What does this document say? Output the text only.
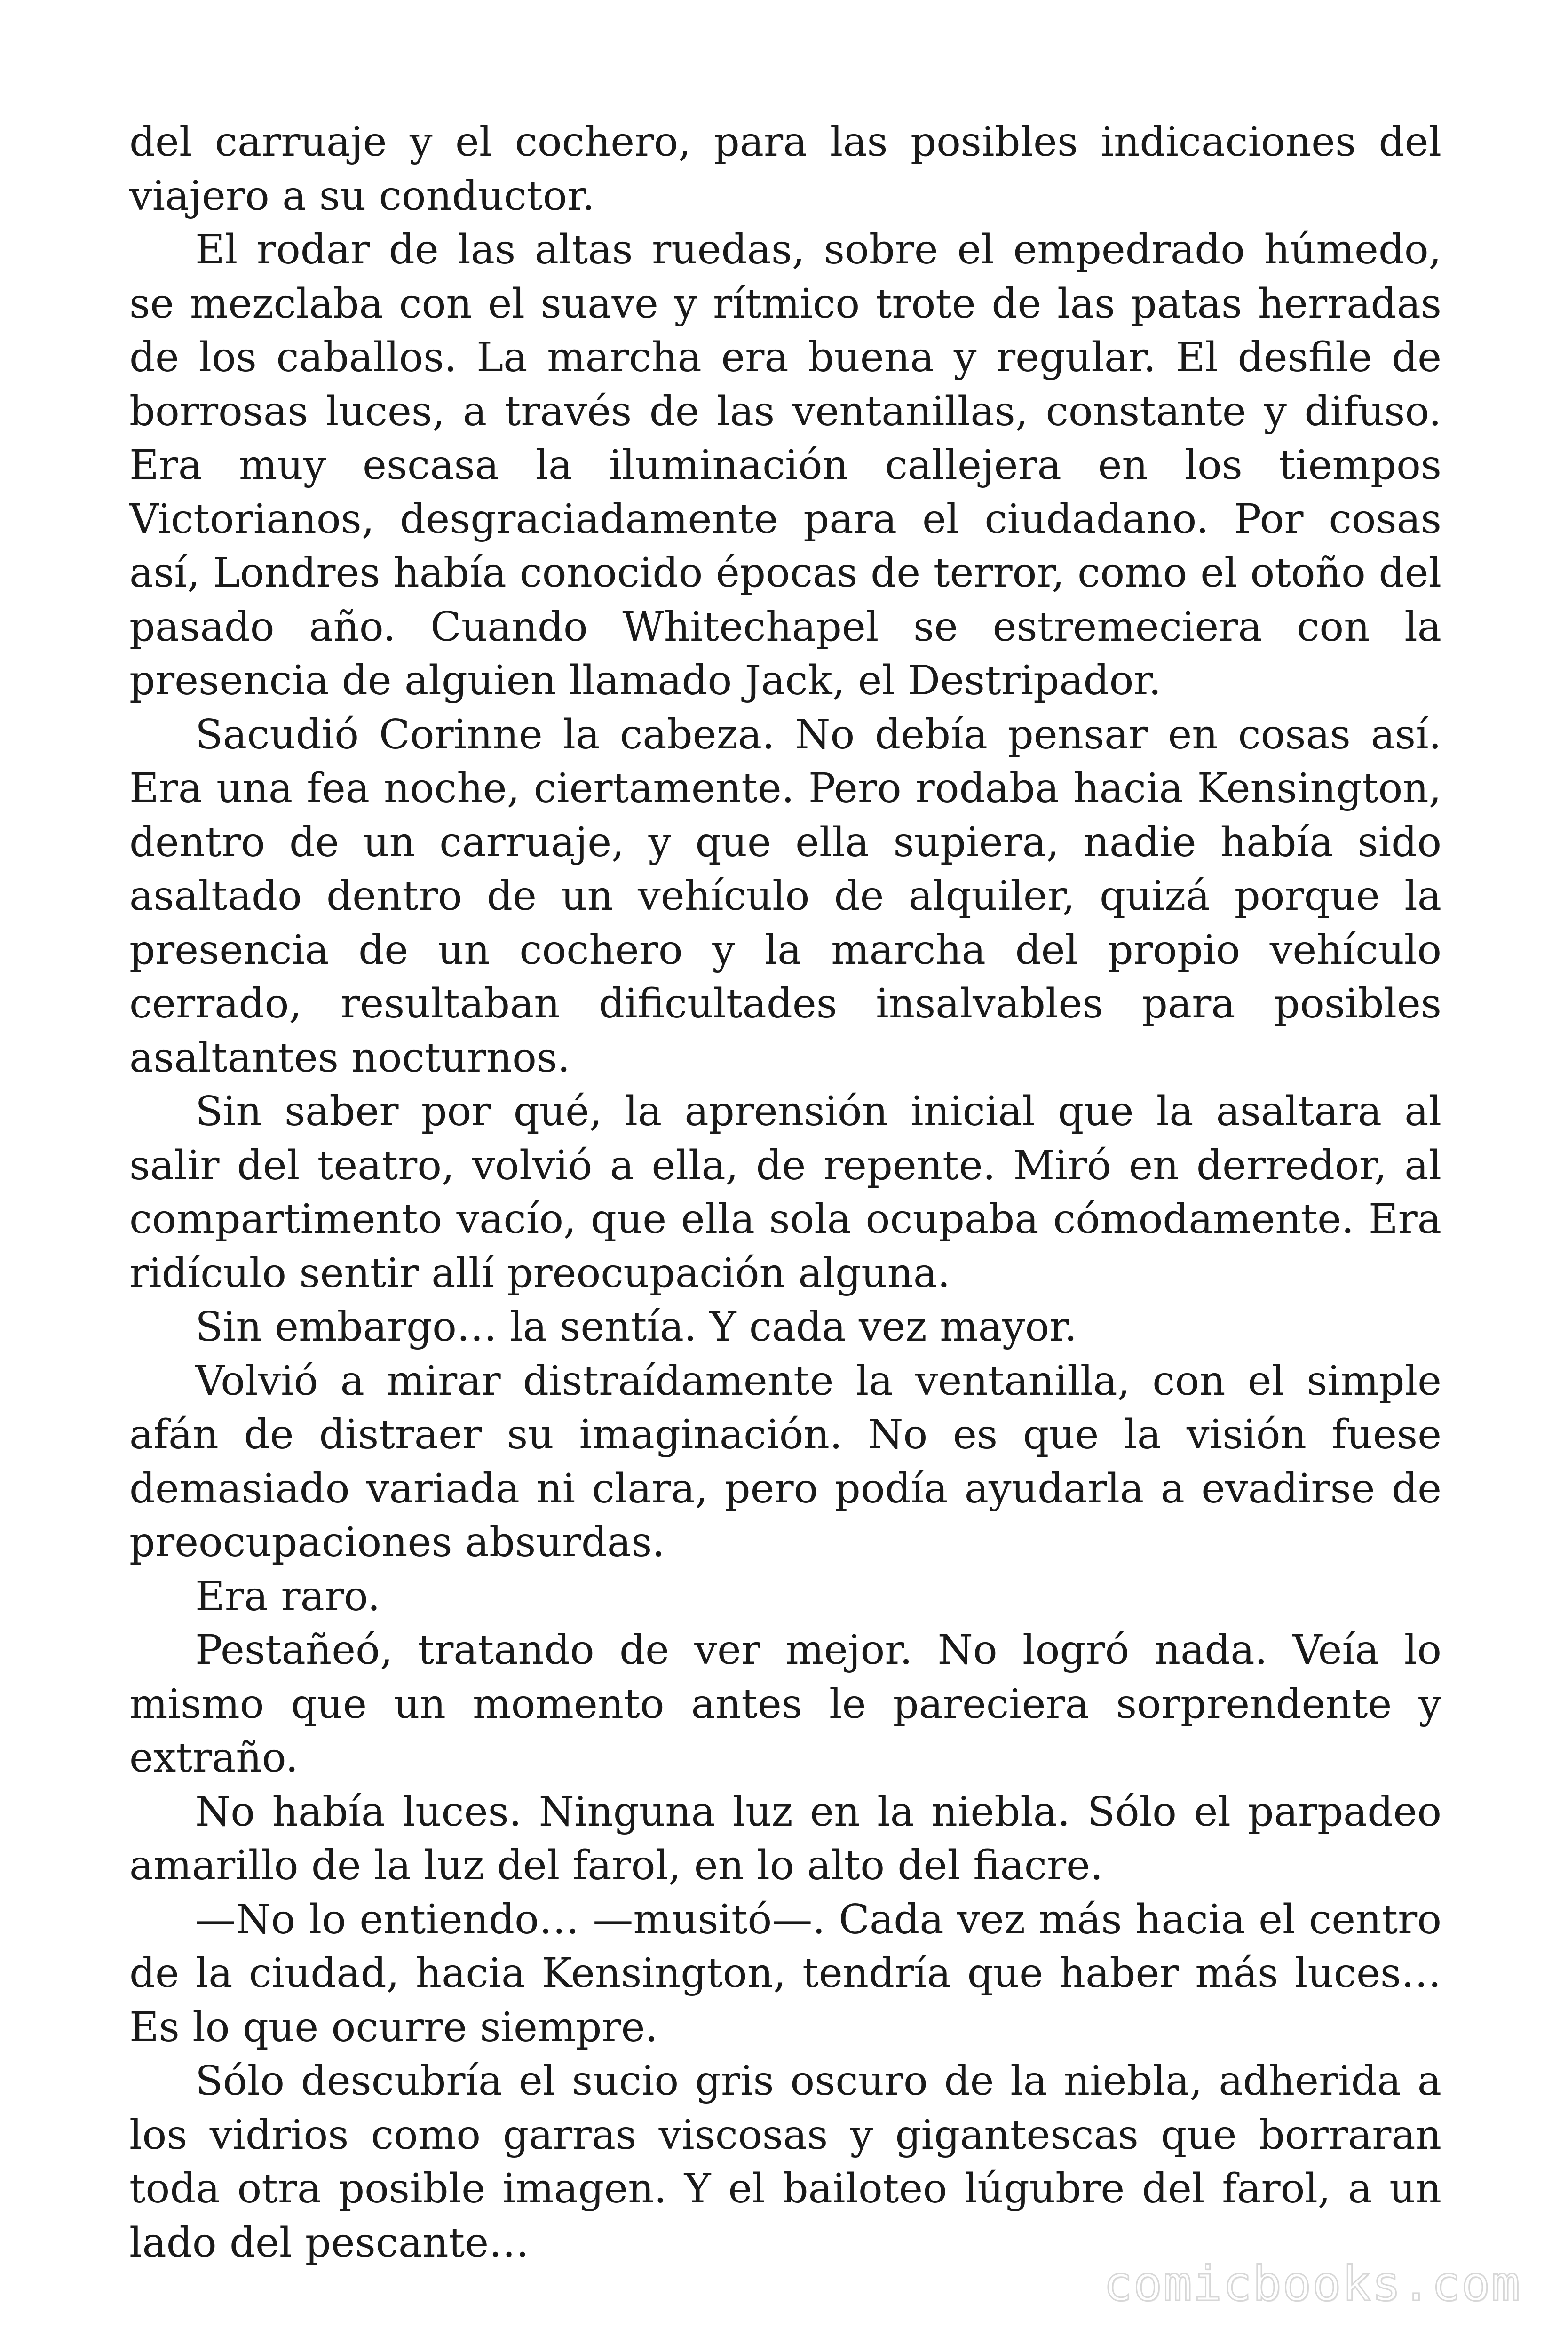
del carruaje y el cochero, para las posibles indicaciones del viajero a su conductor.

El rodar de las altas ruedas, sobre el empedrado húmedo, se mezclaba con el suave y rítmico trote de las patas herradas de los caballos. La marcha era buena y regular. El desfile de borrosas luces, a través de las ventanillas, constante y difuso. Era muy escasa la iluminación callejera en los tiempos Victorianos, desgraciadamente para el ciudadano. Por cosas así, Londres había conocido épocas de terror, como el otoño del pasado año. Cuando Whitechapel se estremeciera con la presencia de alguien llamado Jack, el Destripador.

Sacudió Corinne la cabeza. No debía pensar en cosas así. Era una fea noche, ciertamente. Pero rodaba hacia Kensington, dentro de un carruaje, y que ella supiera, nadie había sido asaltado dentro de un vehículo de alquiler, quizá porque la presencia de un cochero y la marcha del propio vehículo cerrado, resultaban dificultades insalvables para posibles asaltantes nocturnos.

Sin saber por qué, la aprensión inicial que la asaltara al salir del teatro, volvió a ella, de repente. Miró en derredor, al compartimento vacío, que ella sola ocupaba cómodamente. Era ridículo sentir allí preocupación alguna.

Sin embargo… la sentía. Y cada vez mayor.

Volvió a mirar distraídamente la ventanilla, con el simple afán de distraer su imaginación. No es que la visión fuese demasiado variada ni clara, pero podía ayudarla a evadirse de preocupaciones absurdas.

Era raro.

Pestañeó, tratando de ver mejor. No logró nada. Veía lo mismo que un momento antes le pareciera sorprendente y extraño.

No había luces. Ninguna luz en la niebla. Sólo el parpadeo amarillo de la luz del farol, en lo alto del fiacre.

—No lo entiendo… —musitó—. Cada vez más hacia el centro de la ciudad, hacia Kensington, tendría que haber más luces… Es lo que ocurre siempre.

Sólo descubría el sucio gris oscuro de la niebla, adherida a los vidrios como garras viscosas y gigantescas que borraran toda otra posible imagen. Y el bailoteo lúgubre del farol, a un lado del pescante…

comicbooks.com
